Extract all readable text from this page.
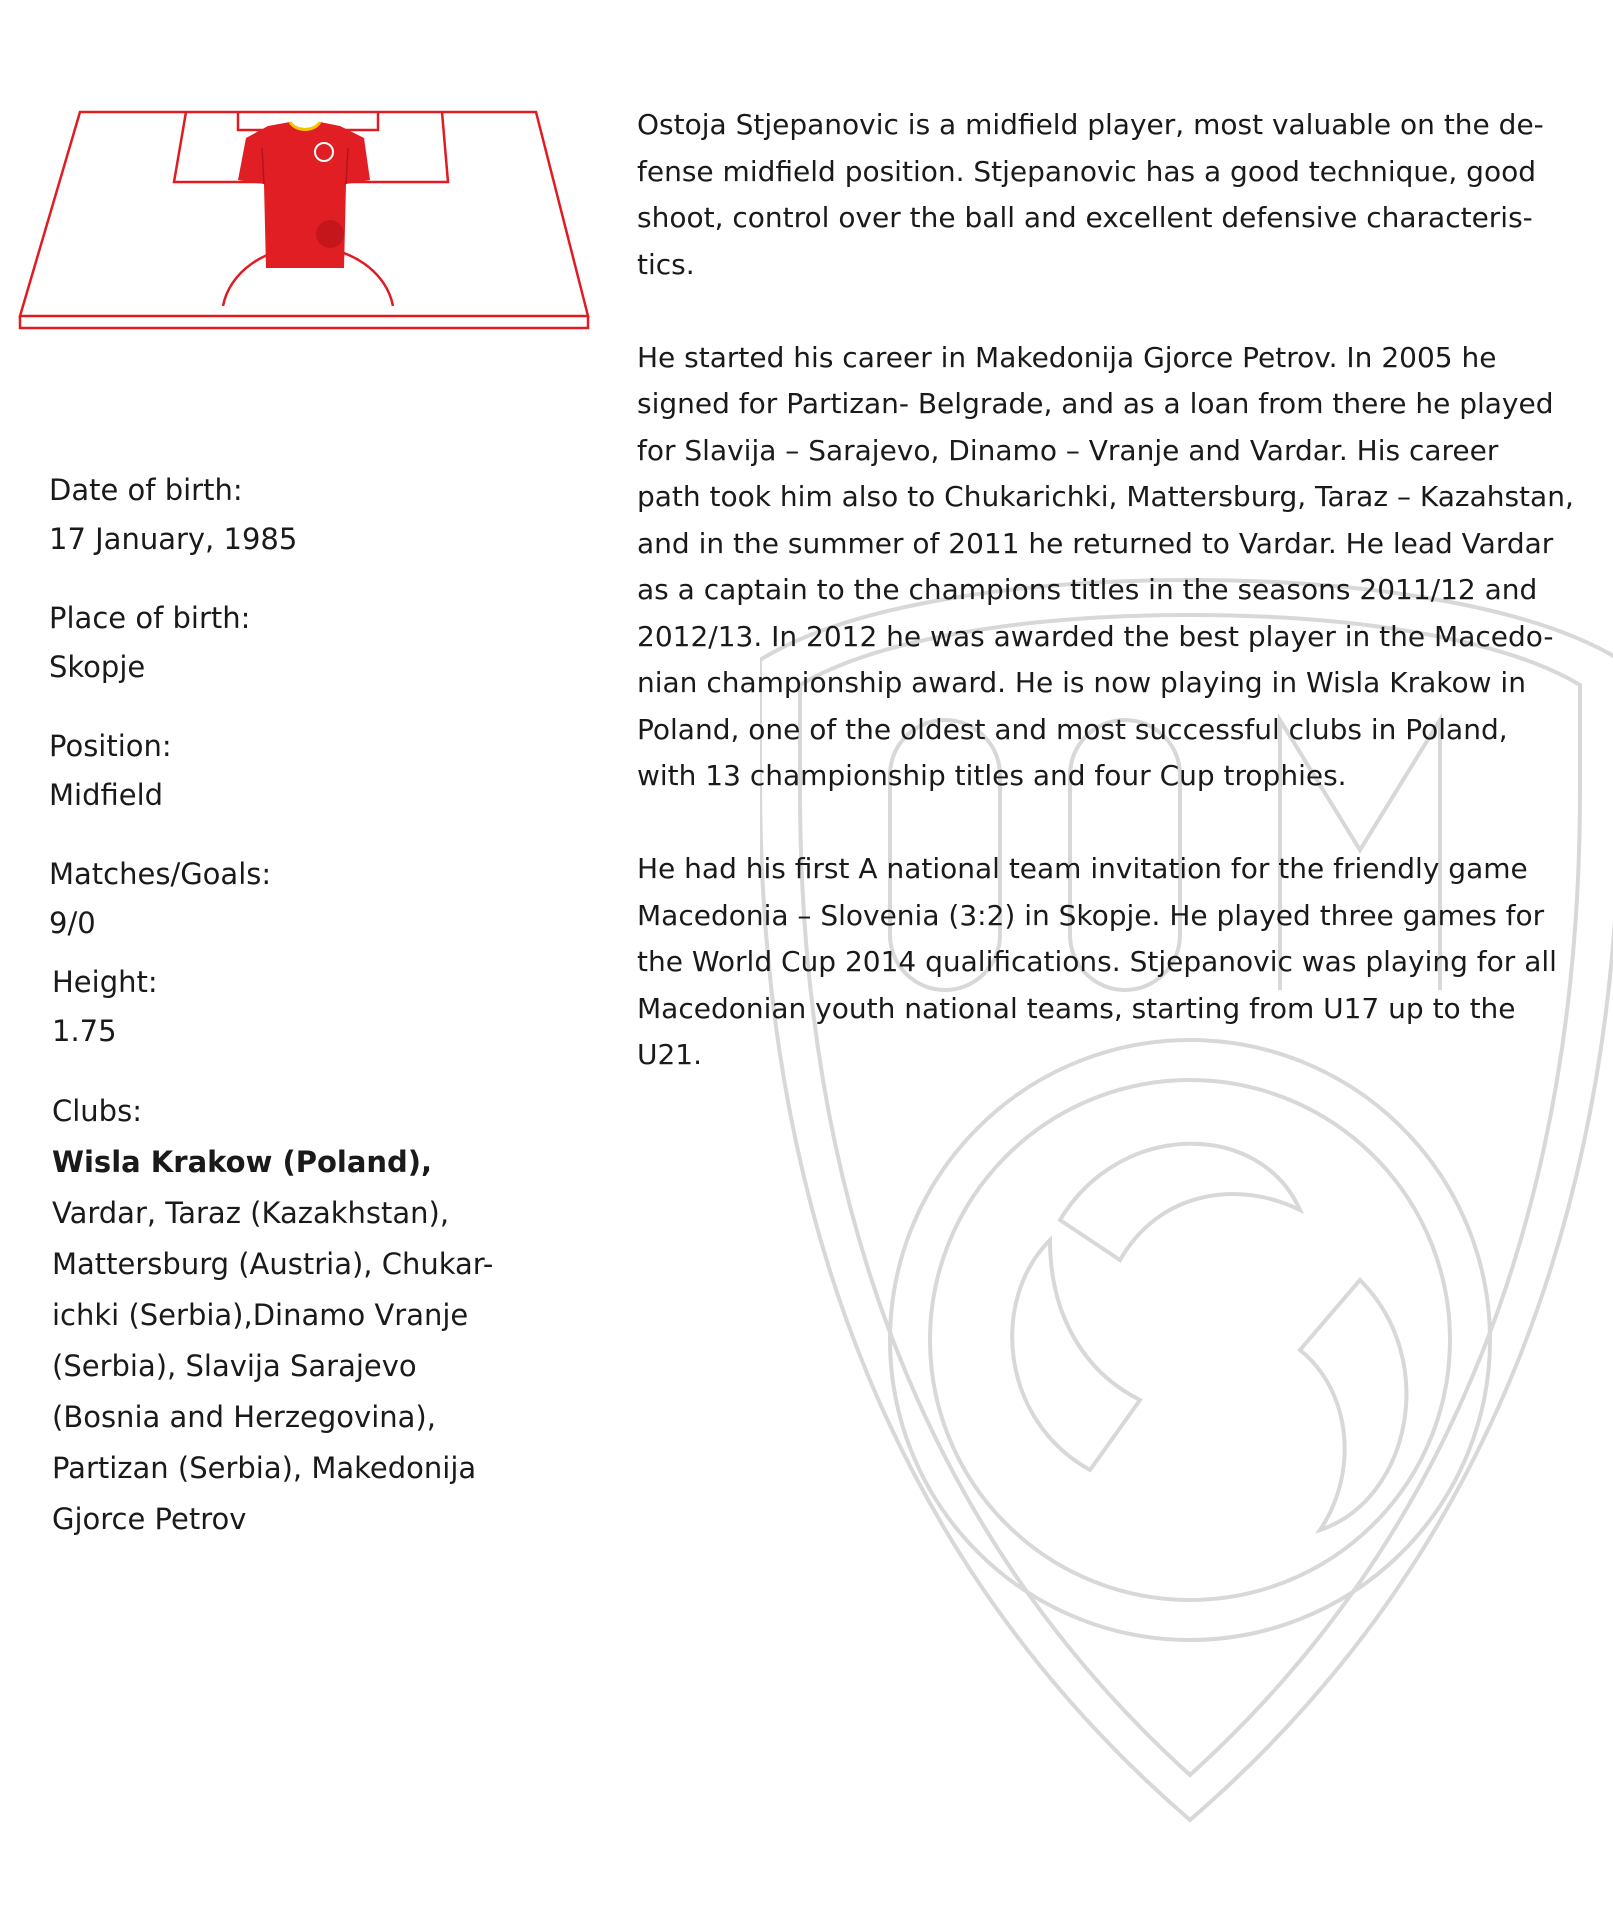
Date of birth:
17 January, 1985
Place of birth:
Skopje
Position:
Midfield
Matches/Goals:
9/0
Height:
1.75
Clubs:
Wisla Krakow (Poland),
Vardar, Taraz (Kazakhstan),
Mattersburg (Austria), Chukar-
ichki (Serbia),Dinamo Vranje
(Serbia), Slavija Sarajevo
(Bosnia and Herzegovina),
Partizan (Serbia), Makedonija
Gjorce Petrov

Ostoja Stjepanovic is a midfield player, most valuable on the de-
fense midfield position. Stjepanovic has a good technique, good
shoot, control over the ball and excellent defensive characteris-
tics.

He started his career in Makedonija Gjorce Petrov. In 2005 he
signed for Partizan- Belgrade, and as a loan from there he played
for Slavija – Sarajevo, Dinamo – Vranje and Vardar. His career
path took him also to Chukarichki, Mattersburg, Taraz – Kazahstan,
and in the summer of 2011 he returned to Vardar. He lead Vardar
as a captain to the champions titles in the seasons 2011/12 and
2012/13. In 2012 he was awarded the best player in the Macedo-
nian championship award. He is now playing in Wisla Krakow in
Poland, one of the oldest and most successful clubs in Poland,
with 13 championship titles and four Cup trophies.

He had his first A national team invitation for the friendly game
Macedonia – Slovenia (3:2) in Skopje. He played three games for
the World Cup 2014 qualifications. Stjepanovic was playing for all
Macedonian youth national teams, starting from U17 up to the
U21.
